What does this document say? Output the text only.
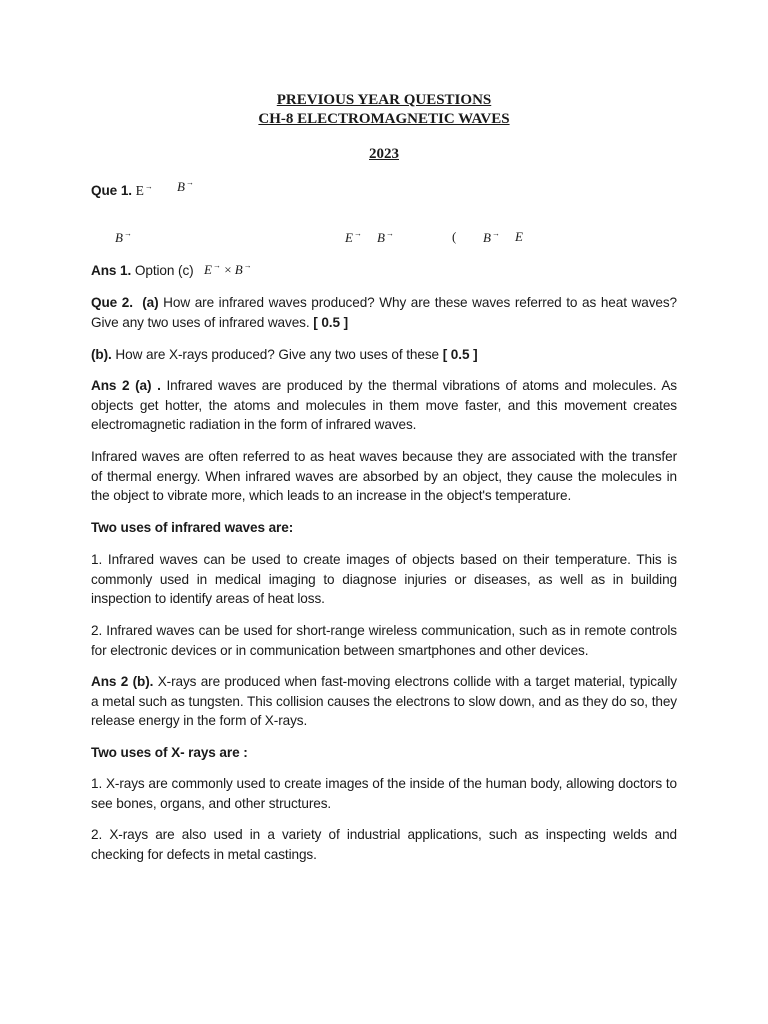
PREVIOUS YEAR QUESTIONS
CH-8 ELECTROMAGNETIC WAVES
2023
Que 1. E→	B→
B→	E→ B→	( B→ E
Ans 1. Option (c) E→ × B→
Que 2. (a) How are infrared waves produced? Why are these waves referred to as heat waves? Give any two uses of infrared waves. [ 0.5 ]
(b). How are X-rays produced? Give any two uses of these [ 0.5 ]
Ans 2 (a) . Infrared waves are produced by the thermal vibrations of atoms and molecules. As objects get hotter, the atoms and molecules in them move faster, and this movement creates electromagnetic radiation in the form of infrared waves.
Infrared waves are often referred to as heat waves because they are associated with the transfer of thermal energy. When infrared waves are absorbed by an object, they cause the molecules in the object to vibrate more, which leads to an increase in the object's temperature.
Two uses of infrared waves are:
1. Infrared waves can be used to create images of objects based on their temperature. This is commonly used in medical imaging to diagnose injuries or diseases, as well as in building inspection to identify areas of heat loss.
2. Infrared waves can be used for short-range wireless communication, such as in remote controls for electronic devices or in communication between smartphones and other devices.
Ans 2 (b). X-rays are produced when fast-moving electrons collide with a target material, typically a metal such as tungsten. This collision causes the electrons to slow down, and as they do so, they release energy in the form of X-rays.
Two uses of X- rays are :
1. X-rays are commonly used to create images of the inside of the human body, allowing doctors to see bones, organs, and other structures.
2. X-rays are also used in a variety of industrial applications, such as inspecting welds and checking for defects in metal castings.
